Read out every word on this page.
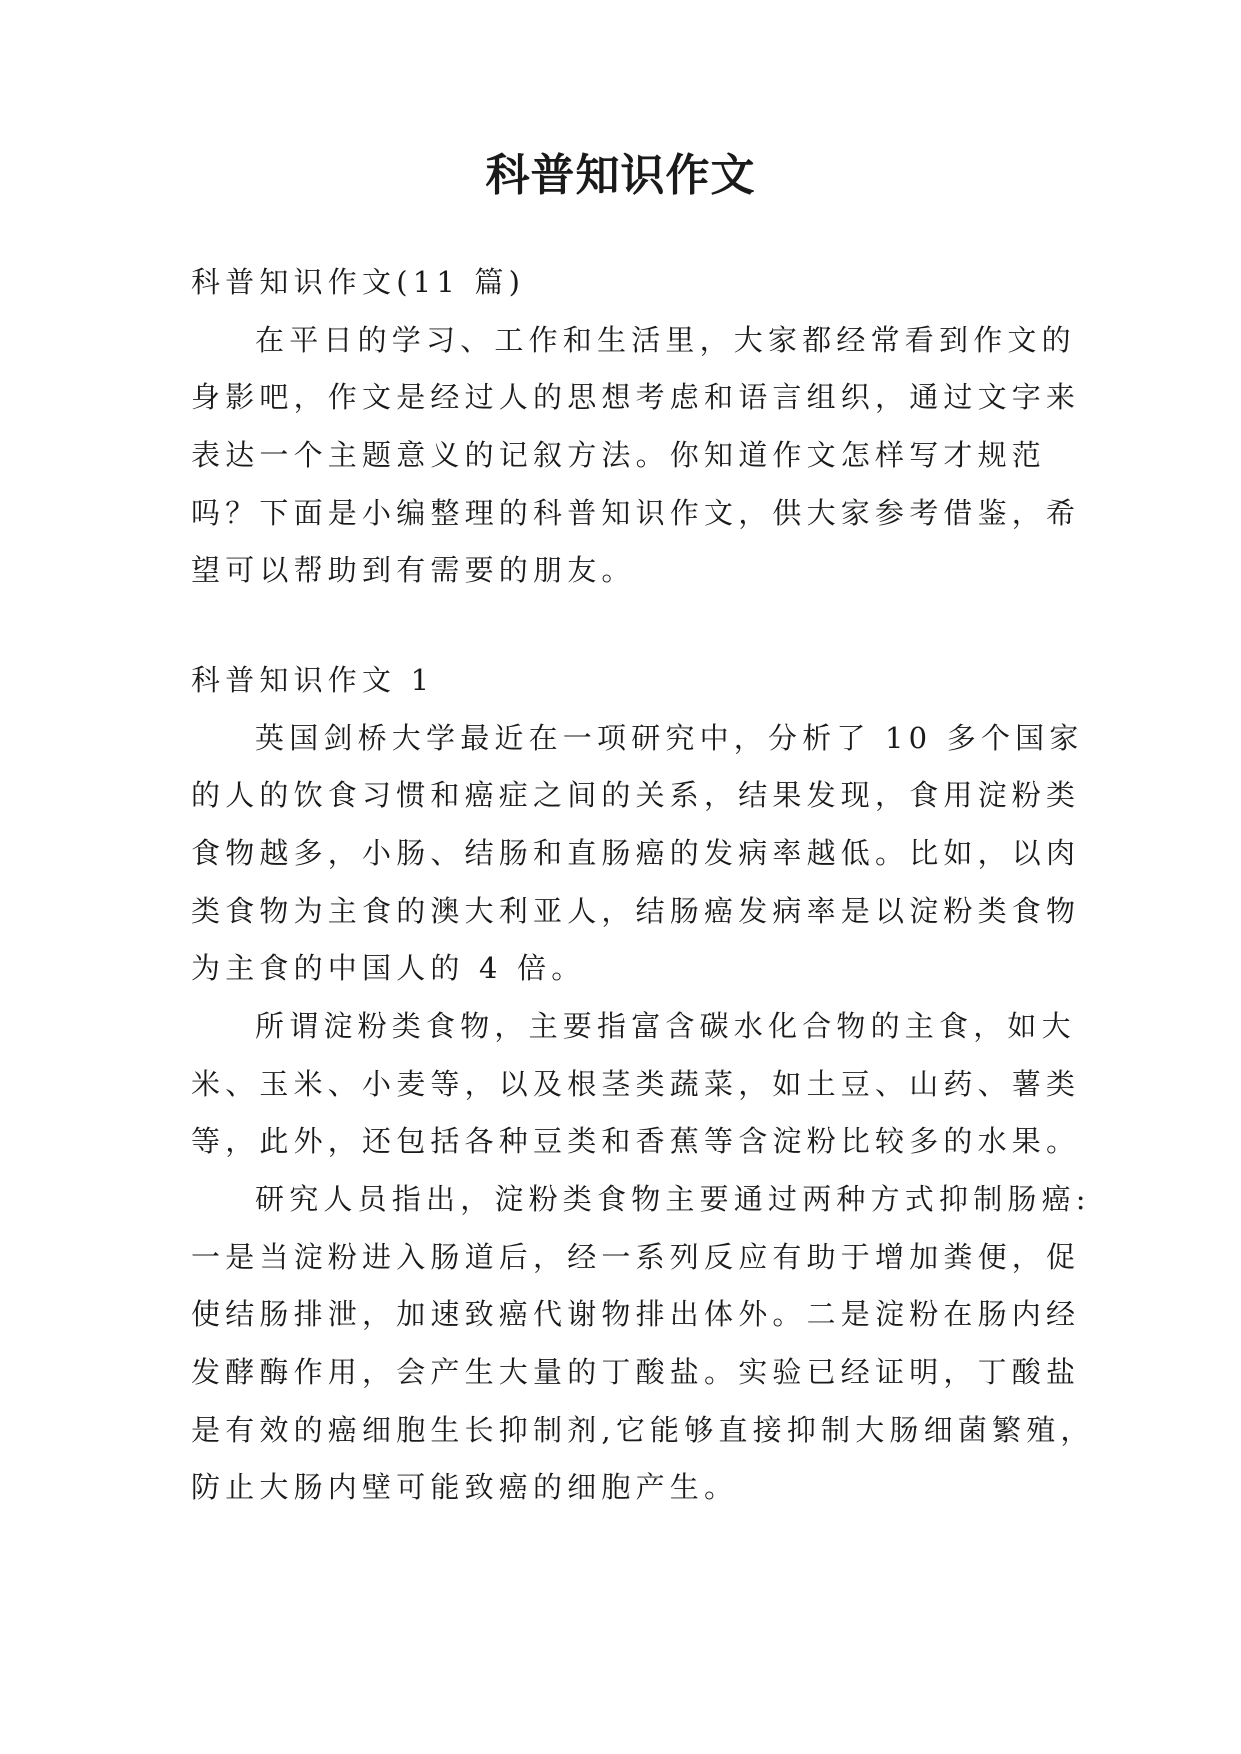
科普知识作文
科普知识作文(11 篇)
在平日的学习、工作和生活里，大家都经常看到作文的
身影吧，作文是经过人的思想考虑和语言组织，通过文字来
表达一个主题意义的记叙方法。你知道作文怎样写才规范
吗？下面是小编整理的科普知识作文，供大家参考借鉴，希
望可以帮助到有需要的朋友。
科普知识作文 1
英国剑桥大学最近在一项研究中，分析了 10 多个国家
的人的饮食习惯和癌症之间的关系，结果发现，食用淀粉类
食物越多，小肠、结肠和直肠癌的发病率越低。比如，以肉
类食物为主食的澳大利亚人，结肠癌发病率是以淀粉类食物
为主食的中国人的 4 倍。
所谓淀粉类食物，主要指富含碳水化合物的主食，如大
米、玉米、小麦等，以及根茎类蔬菜，如土豆、山药、薯类
等，此外，还包括各种豆类和香蕉等含淀粉比较多的水果。
研究人员指出，淀粉类食物主要通过两种方式抑制肠癌:
一是当淀粉进入肠道后，经一系列反应有助于增加粪便，促
使结肠排泄，加速致癌代谢物排出体外。二是淀粉在肠内经
发酵酶作用，会产生大量的丁酸盐。实验已经证明，丁酸盐
是有效的癌细胞生长抑制剂,它能够直接抑制大肠细菌繁殖，
防止大肠内壁可能致癌的细胞产生。
